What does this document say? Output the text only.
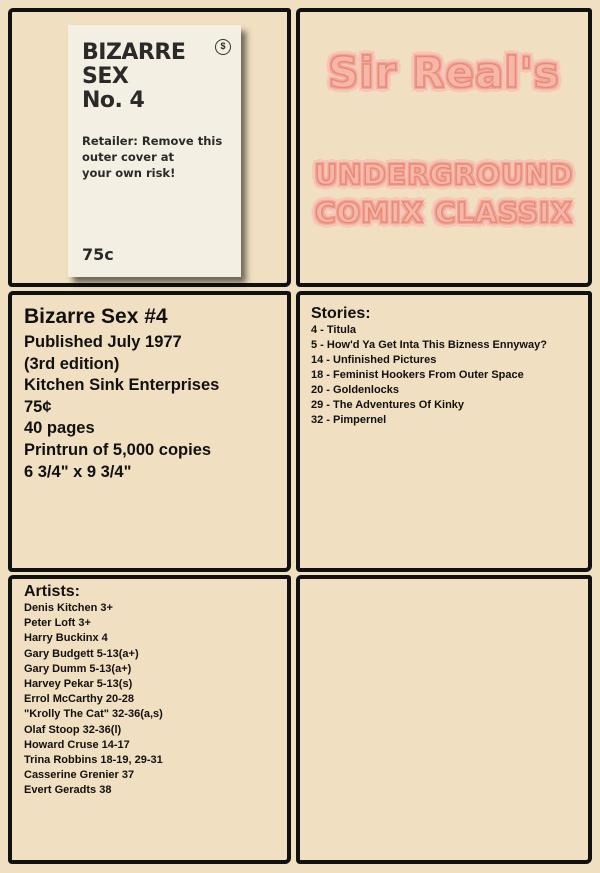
BIZARRE
SEX
No. 4

Retailer: Remove this
outer cover at
your own risk!
75c
$
Sir Real's
UNDERGROUND
COMIX CLASSIX

Bizarre Sex #4

Published July 1977

(3rd edition)

Kitchen Sink Enterprises

75¢

40 pages

Printrun of 5,000 copies

6 3/4" x 9 3/4"

Stories:

4 - Titula
5 - How'd Ya Get Inta This Bizness Ennyway?
14 - Unfinished Pictures
18 - Feminist Hookers From Outer Space
20 - Goldenlocks
29 - The Adventures Of Kinky
32 - Pimpernel

Artists:

Denis Kitchen 3+
Peter Loft 3+
Harry Buckinx 4
Gary Budgett 5-13(a+)
Gary Dumm 5-13(a+)
Harvey Pekar 5-13(s)
Errol McCarthy 20-28
"Krolly The Cat" 32-36(a,s)
Olaf Stoop 32-36(l)
Howard Cruse 14-17
Trina Robbins 18-19, 29-31
Casserine Grenier 37
Evert Geradts 38
